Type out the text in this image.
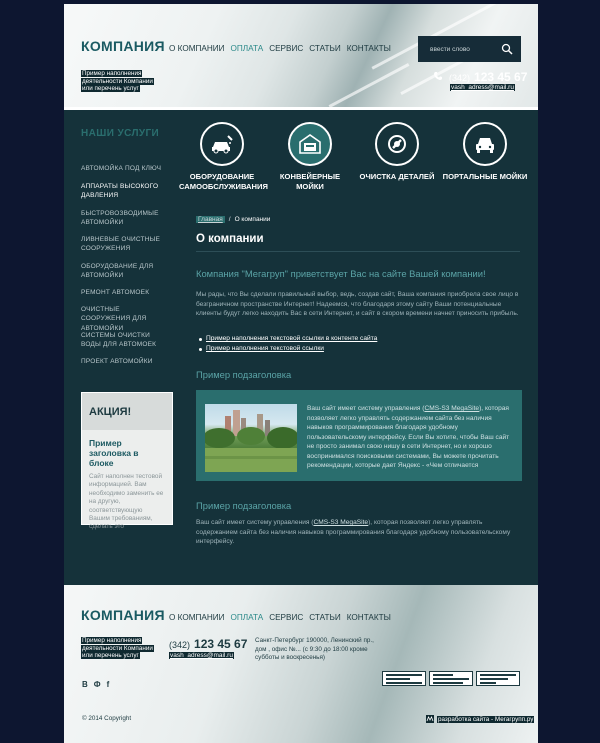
КОМПАНИЯ О КОМПАНИИ ОПЛАТА СЕРВИС СТАТЬИ КОНТАКТЫ
ввести слово
Пример наполнения
деятельности Компании
или перечень услуг
(342) 123 45 67
vash_adress@mail.ru
НАШИ УСЛУГИ
АВТОМОЙКА ПОД КЛЮЧ
АППАРАТЫ ВЫСОКОГО ДАВЛЕНИЯ
БЫСТРОВОЗВОДИМЫЕ АВТОМОЙКИ
ЛИВНЕВЫЕ ОЧИСТНЫЕ СООРУЖЕНИЯ
ОБОРУДОВАНИЕ ДЛЯ АВТОМОЙКИ
РЕМОНТ АВТОМОЕК
ОЧИСТНЫЕ СООРУЖЕНИЯ ДЛЯ АВТОМОЙКИ
СИСТЕМЫ ОЧИСТКИ ВОДЫ ДЛЯ АВТОМОЕК
ПРОЕКТ АВТОМОЙКИ
ОБОРУДОВАНИЕ САМООБСЛУЖИВАНИЯ
КОНВЕЙЕРНЫЕ МОЙКИ
ОЧИСТКА ДЕТАЛЕЙ	ПОРТАЛЬНЫЕ МОЙКИ
Главная / О компании
О компании
Компания "Мегагруп" приветствует Вас на сайте Вашей компании!
Мы рады, что Вы сделали правильный выбор, ведь, создав сайт, Ваша компания приобрела свое лицо в безграничном пространстве Интернет! Надеемся, что благодаря этому сайту Ваши потенциальные клиенты будут легко находить Вас в сети Интернет, и сайт в скором времени начнет приносить прибыль.
Пример наполнения текстовой ссылки в контенте сайта
Пример наполнения текстовой ссылки
Пример подзаголовка
Ваш сайт имеет систему управления (CMS-S3 MegaSite), которая позволяет легко управлять содержанием сайта без наличия навыков программирования благодаря удобному пользовательскому интерфейсу. Если Вы хотите, чтобы Ваш сайт не просто занимал свою нишу в сети Интернет, но и хорошо воспринимался поисковыми системами, Вы можете прочитать рекомендации, которые дает Яндекс - «Чем отличается
Пример подзаголовка
Ваш сайт имеет систему управления (CMS-S3 MegaSite), которая позволяет легко управлять содержанием сайта без наличия навыков программирования благодаря удобному пользовательскому интерфейсу.
АКЦИЯ!
Пример заголовка в блоке
Сайт наполнен тестовой информацией. Вам необходимо заменить ее на другую, соответствующую Вашим требованиям, сделать это
КОМПАНИЯ О КОМПАНИИ ОПЛАТА СЕРВИС СТАТЬИ КОНТАКТЫ
Пример наполнения
деятельности Компании
или перечень услуг
(342) 123 45 67
vash_adress@mail.ru
Санкт-Петербург 190000, Ленинский пр., дом , офис №... (с 9:30 до 18:00 кроме субботы и воскресенья)
В Ф f
© 2014 Copyright	разработка сайта - Мегагрупп.ру
